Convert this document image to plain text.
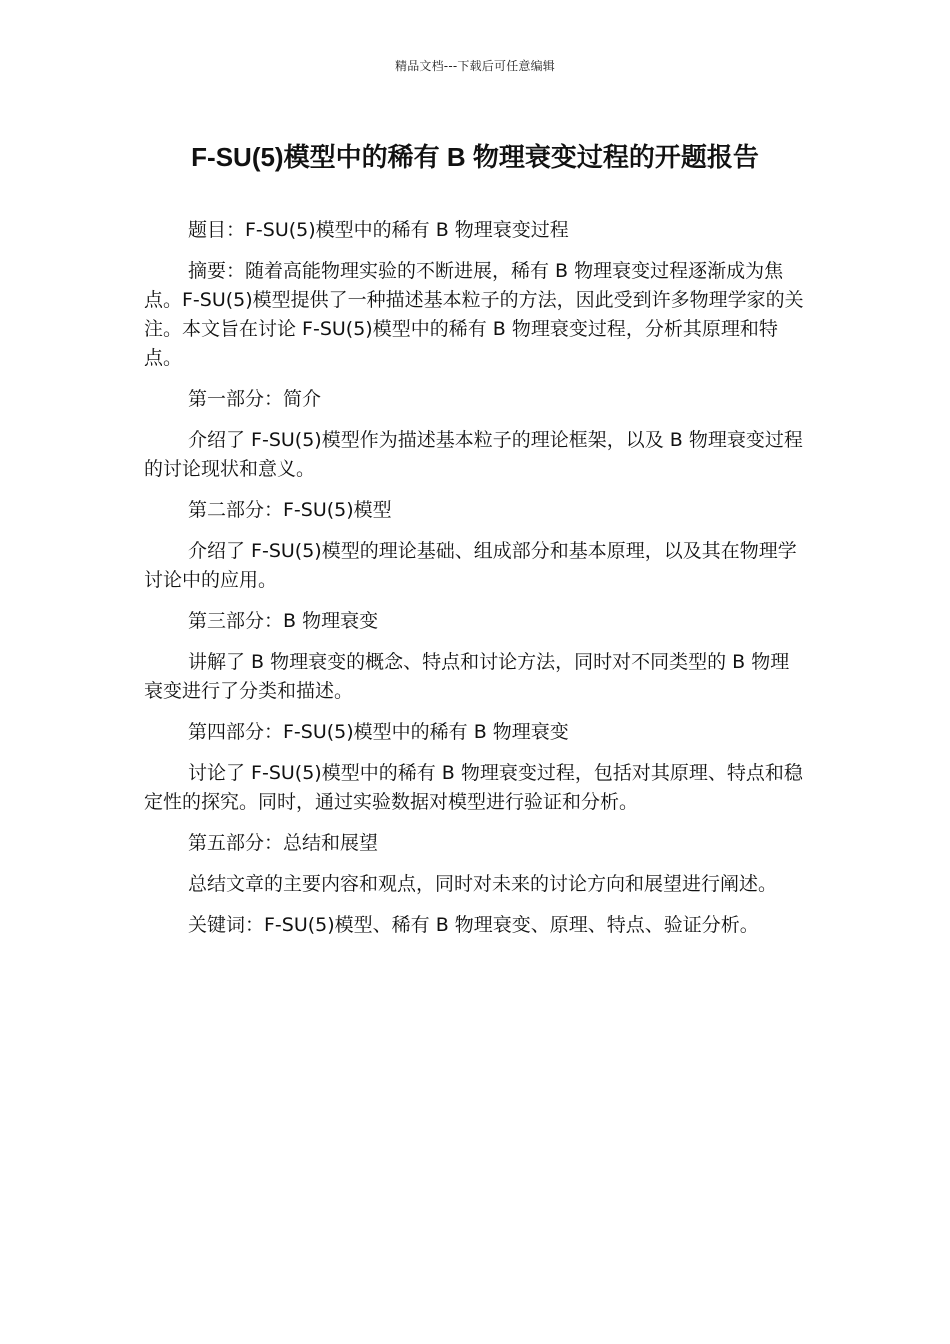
精品文档---下载后可任意编辑
F-SU(5)模型中的稀有 B 物理衰变过程的开题报告

题目：F-SU(5)模型中的稀有 B 物理衰变过程

摘要：随着高能物理实验的不断进展，稀有 B 物理衰变过程逐渐成为焦点。F-SU(5)模型提供了一种描述基本粒子的方法，因此受到许多物理学家的关注。本文旨在讨论 F-SU(5)模型中的稀有 B 物理衰变过程，分析其原理和特点。

第一部分：简介

介绍了 F-SU(5)模型作为描述基本粒子的理论框架，以及 B 物理衰变过程的讨论现状和意义。

第二部分：F-SU(5)模型

介绍了 F-SU(5)模型的理论基础、组成部分和基本原理，以及其在物理学讨论中的应用。

第三部分：B 物理衰变

讲解了 B 物理衰变的概念、特点和讨论方法，同时对不同类型的 B 物理衰变进行了分类和描述。

第四部分：F-SU(5)模型中的稀有 B 物理衰变

讨论了 F-SU(5)模型中的稀有 B 物理衰变过程，包括对其原理、特点和稳定性的探究。同时，通过实验数据对模型进行验证和分析。

第五部分：总结和展望

总结文章的主要内容和观点，同时对未来的讨论方向和展望进行阐述。

关键词：F-SU(5)模型、稀有 B 物理衰变、原理、特点、验证分析。
